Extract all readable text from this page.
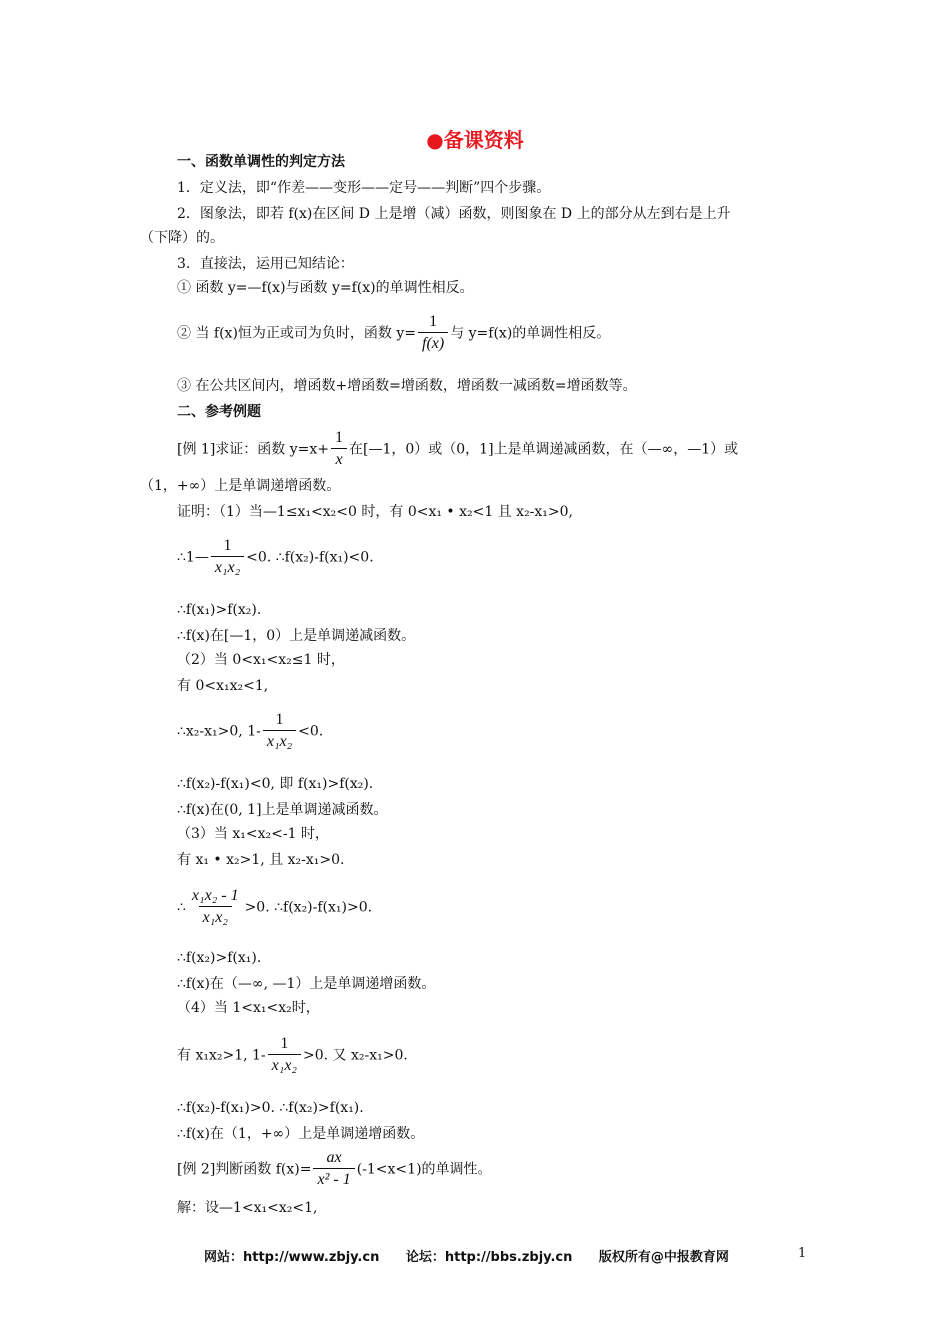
●备课资料
一、函数单调性的判定方法
1．定义法，即“作差——变形——定号——判断”四个步骤。
2．图象法，即若 f(x)在区间 D 上是增（减）函数，则图象在 D 上的部分从左到右是上升
（下降）的。
3．直接法，运用已知结论：
① 函数 y=—f(x)与函数 y=f(x)的单调性相反。
② 当 f(x)恒为正或司为负时，函数 $y= \frac{1}{f(x)}$ 与 y=f(x)的单调性相反。
③ 在公共区间内，增函数+增函数=增函数，增函数一减函数=增函数等。
二、参考例题
[例 1]求证：函数 $y=x+ \frac{1}{x}$ 在[—1，0）或（0，1]上是单调递减函数，在（—∞，—1）或
（1，+∞）上是单调递增函数。
证明：（1）当—1≤x₁<x₂<0 时，有 0<x₁ • x₂<1 且 x₂-x₁>0,
∴1— $\frac{1}{\text{x₁x₂}} <0$. ∴f(x₂)-f(x₁)<0.
∴f(x₁)>f(x₂).
∴f(x)在[—1，0）上是单调递减函数。
（2）当 0<x₁<x₂≤1 时，
有 0<x₁x₂<1,
∴x₂-x₁>0, $1- \frac{1}{\text{x₁x₂}} <0$.
∴f(x₂)-f(x₁)<0, 即 f(x₁)>f(x₂).
∴f(x)在(0, 1]上是单调递减函数。
（3）当 x₁<x₂<-1 时，
有 x₁ • x₂>1, 且 x₂-x₁>0.
∴ $\frac{\text{x₁x₂ - 1}}{\text{x₁x₂}} >0$. ∴f(x₂)-f(x₁)>0.
∴f(x₂)>f(x₁).
∴f(x)在（—∞, —1）上是单调递增函数。
（4）当 1<x₁<x₂时，
有 x₁x₂>1, $1- \frac{1}{\text{x₁x₂}} >0$. 又 x₂-x₁>0.
∴f(x₂)-f(x₁)>0. ∴f(x₂)>f(x₁).
∴f(x)在（1，+∞）上是单调递增函数。
[例 2]判断函数 $f(x)= \frac{ax}{\text{x² - 1}} (-1<x<1)$的单调性。
解：设—1<x₁<x₂<1,
网站：http://www.zbjy.cn 论坛：http://bbs.zbjy.cn 版权所有@中报教育网	1
